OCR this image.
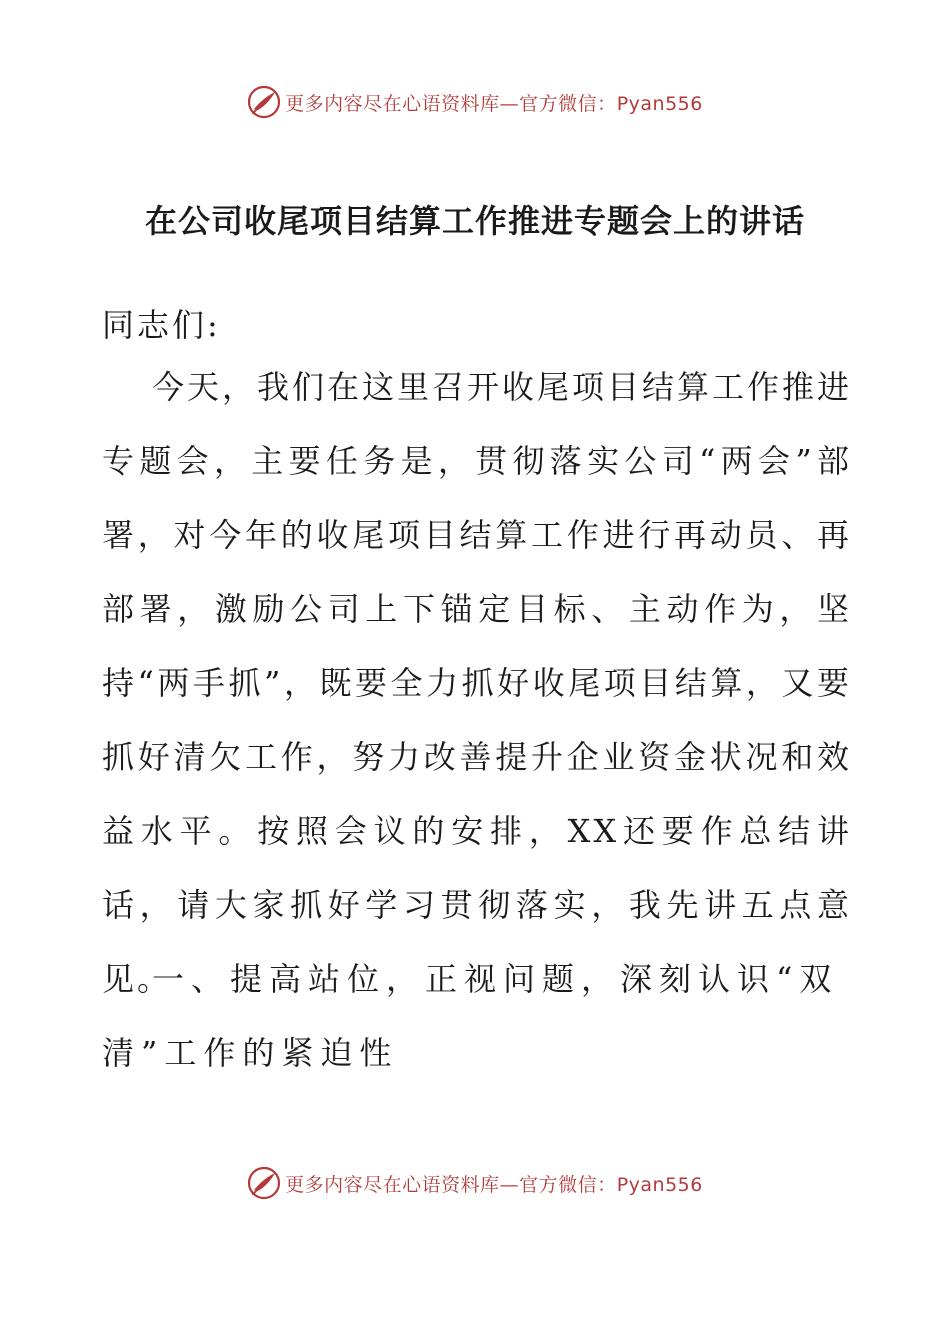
更多内容尽在心语资料库—官方微信：Pyan556
在公司收尾项目结算工作推进专题会上的讲话

同志们:

今天，我们在这里召开收尾项目结算工作推进专题会，主要任务是，贯彻落实公司“两会”部署，对今年的收尾项目结算工作进行再动员、再部署，激励公司上下锚定目标、主动作为，坚持“两手抓”，既要全力抓好收尾项目结算，又要抓好清欠工作，努力改善提升企业资金状况和效益水平。按照会议的安排，XX还要作总结讲话，请大家抓好学习贯彻落实，我先讲五点意见。

一、提高站位，正视问题，深刻认识“双清”工作的紧迫性

更多内容尽在心语资料库—官方微信：Pyan556
